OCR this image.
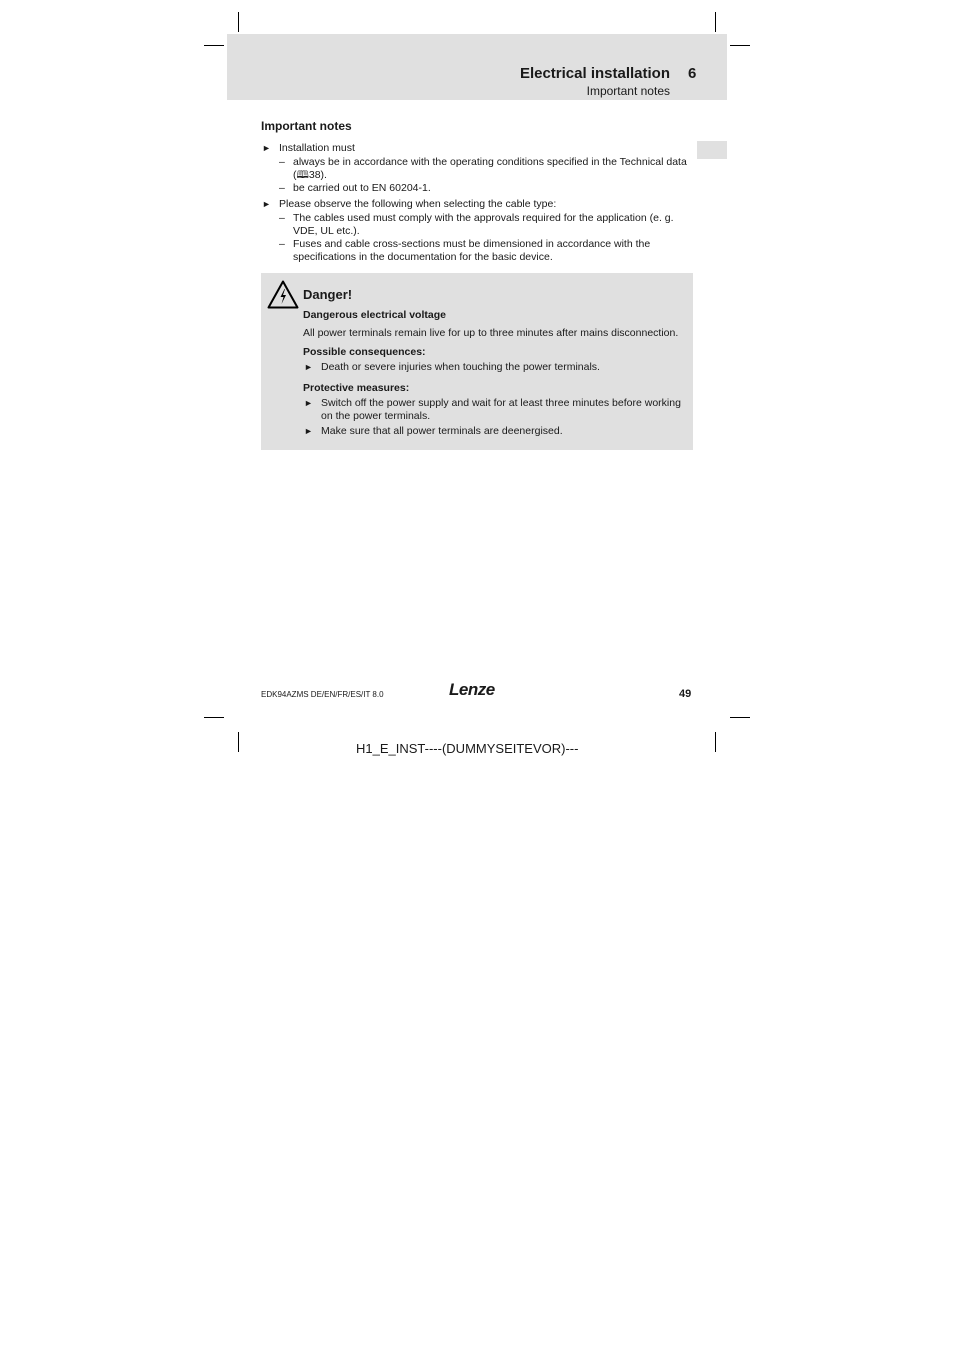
Electrical installation 6
Important notes
Important notes
► Installation must
– always be in accordance with the operating conditions specified in the Technical data (🕮38).
– be carried out to EN 60204-1.
► Please observe the following when selecting the cable type:
– The cables used must comply with the approvals required for the application (e. g. VDE, UL etc.).
– Fuses and cable cross-sections must be dimensioned in accordance with the specifications in the documentation for the basic device.
Danger!
Dangerous electrical voltage
All power terminals remain live for up to three minutes after mains disconnection.
Possible consequences:
► Death or severe injuries when touching the power terminals.
Protective measures:
► Switch off the power supply and wait for at least three minutes before working on the power terminals.
► Make sure that all power terminals are deenergised.
EDK94AZMS DE/EN/FR/ES/IT 8.0	Lenze	49
H1_E_INST----(DUMMYSEITEVOR)---
